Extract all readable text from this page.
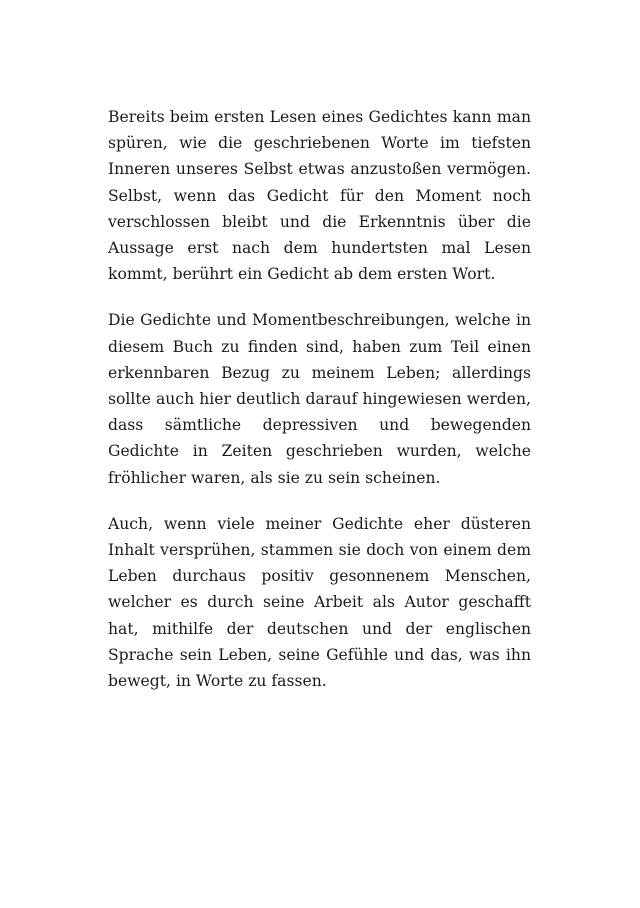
Bereits beim ersten Lesen eines Gedichtes kann man spüren, wie die geschriebenen Worte im tiefsten Inneren unseres Selbst etwas anzustoßen vermögen. Selbst, wenn das Gedicht für den Moment noch verschlossen bleibt und die Erkenntnis über die Aussage erst nach dem hundertsten mal Lesen kommt, berührt ein Gedicht ab dem ersten Wort.

Die Gedichte und Momentbeschreibungen, welche in diesem Buch zu finden sind, haben zum Teil einen erkennbaren Bezug zu meinem Leben; allerdings sollte auch hier deutlich darauf hingewiesen werden, dass sämtliche depressiven und bewegenden Gedichte in Zeiten geschrieben wurden, welche fröhlicher waren, als sie zu sein scheinen.

Auch, wenn viele meiner Gedichte eher düsteren Inhalt versprühen, stammen sie doch von einem dem Leben durchaus positiv gesonnenem Menschen, welcher es durch seine Arbeit als Autor geschafft hat, mithilfe der deutschen und der englischen Sprache sein Leben, seine Gefühle und das, was ihn bewegt, in Worte zu fassen.
